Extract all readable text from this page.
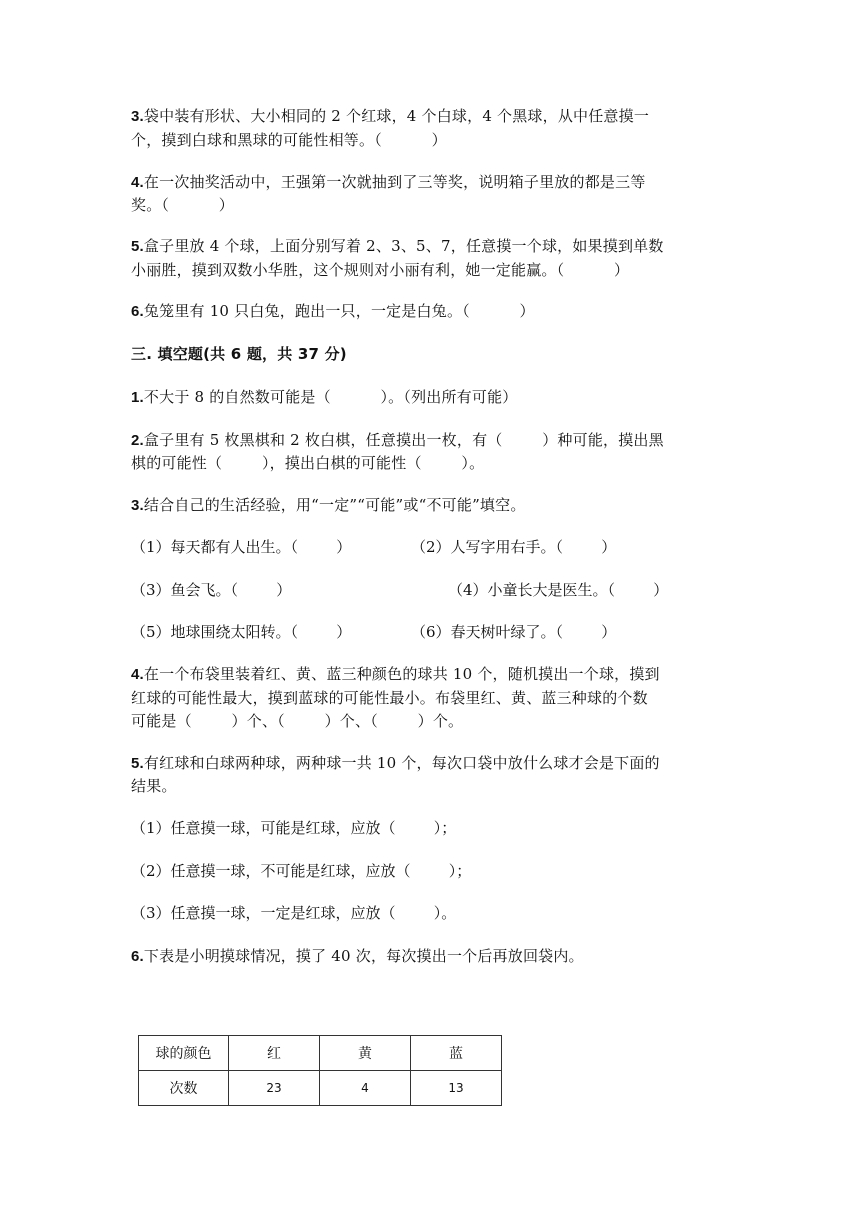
3.袋中装有形状、大小相同的 2 个红球，4 个白球，4 个黑球，从中任意摸一
个，摸到白球和黑球的可能性相等。（          ）
4.在一次抽奖活动中，王强第一次就抽到了三等奖，说明箱子里放的都是三等
奖。（          ）
5.盒子里放 4 个球，上面分别写着 2、3、5、7，任意摸一个球，如果摸到单数
小丽胜，摸到双数小华胜，这个规则对小丽有利，她一定能赢。（          ）
6.兔笼里有 10 只白兔，跑出一只，一定是白兔。（          ）
三. 填空题(共 6 题，共 37 分)
1.不大于 8 的自然数可能是（          ）。（列出所有可能）
2.盒子里有 5 枚黑棋和 2 枚白棋，任意摸出一枚，有（        ）种可能，摸出黑
棋的可能性（        ），摸出白棋的可能性（        ）。
3.结合自己的生活经验，用“一定”“可能”或“不可能”填空。
（1）每天都有人出生。（        ）	（2）人写字用右手。（        ）
（3）鱼会飞。（        ）	（4）小童长大是医生。（        ）
（5）地球围绕太阳转。（        ）	（6）春天树叶绿了。（        ）
4.在一个布袋里装着红、黄、蓝三种颜色的球共 10 个，随机摸出一个球，摸到
红球的可能性最大，摸到蓝球的可能性最小。布袋里红、黄、蓝三种球的个数
可能是（        ）个、（        ）个、（        ）个。
5.有红球和白球两种球，两种球一共 10 个，每次口袋中放什么球才会是下面的
结果。
（1）任意摸一球，可能是红球，应放（        ）；
（2）任意摸一球，不可能是红球，应放（        ）；
（3）任意摸一球，一定是红球，应放（        ）。
6.下表是小明摸球情况，摸了 40 次，每次摸出一个后再放回袋内。
球的颜色	红	黄	蓝
次数	23	4	13
